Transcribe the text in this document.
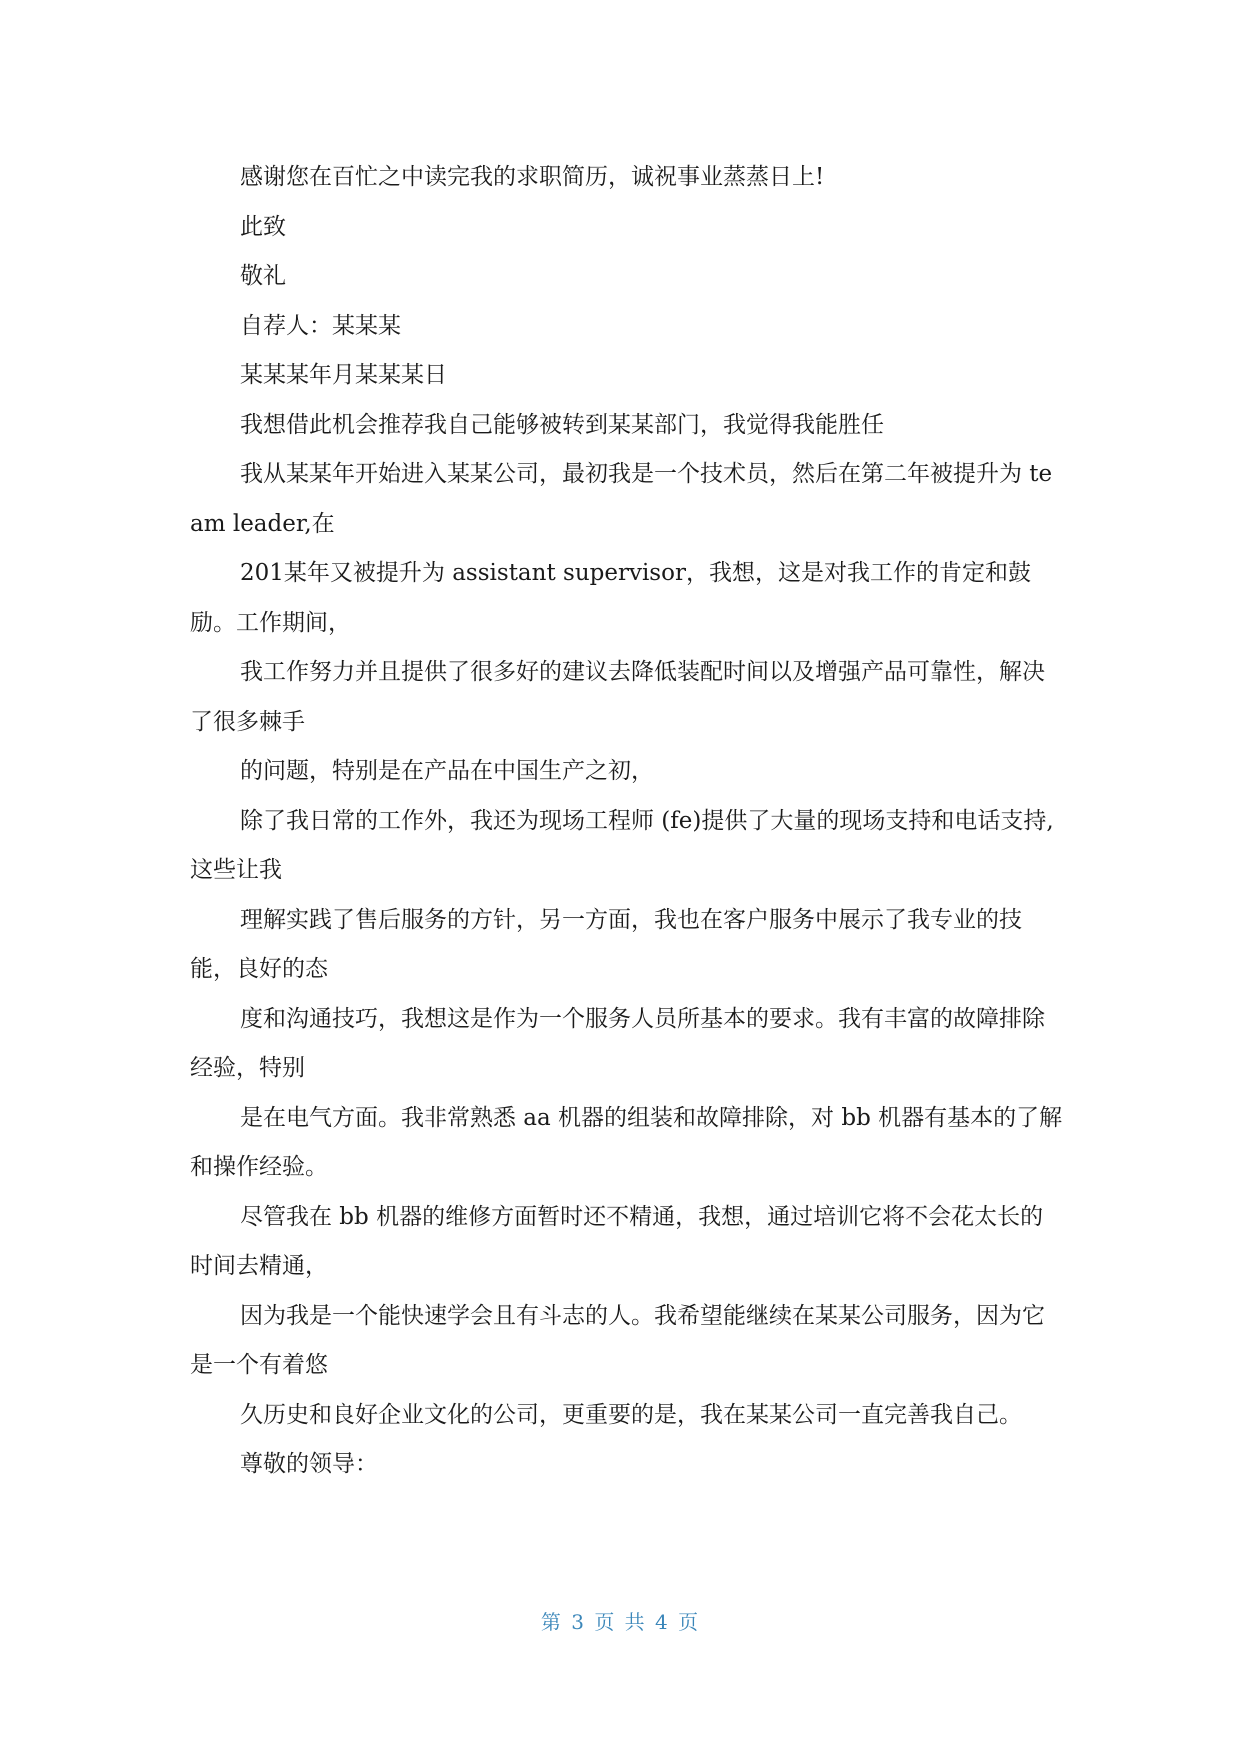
感谢您在百忙之中读完我的求职简历，诚祝事业蒸蒸日上!

此致

敬礼

自荐人：某某某

某某某年月某某某日

我想借此机会推荐我自己能够被转到某某部门，我觉得我能胜任

我从某某年开始进入某某公司，最初我是一个技术员，然后在第二年被提升为 team leader,在

201某年又被提升为 assistant supervisor，我想，这是对我工作的肯定和鼓励。工作期间，

我工作努力并且提供了很多好的建议去降低装配时间以及增强产品可靠性，解决了很多棘手

的问题，特别是在产品在中国生产之初，

除了我日常的工作外，我还为现场工程师 (fe)提供了大量的现场支持和电话支持,这些让我

理解实践了售后服务的方针，另一方面，我也在客户服务中展示了我专业的技能，良好的态

度和沟通技巧，我想这是作为一个服务人员所基本的要求。我有丰富的故障排除经验，特别

是在电气方面。我非常熟悉 aa 机器的组装和故障排除，对 bb 机器有基本的了解和操作经验。

尽管我在 bb 机器的维修方面暂时还不精通，我想，通过培训它将不会花太长的时间去精通，

因为我是一个能快速学会且有斗志的人。我希望能继续在某某公司服务，因为它是一个有着悠

久历史和良好企业文化的公司，更重要的是，我在某某公司一直完善我自己。

尊敬的领导：

第 3 页 共 4 页
